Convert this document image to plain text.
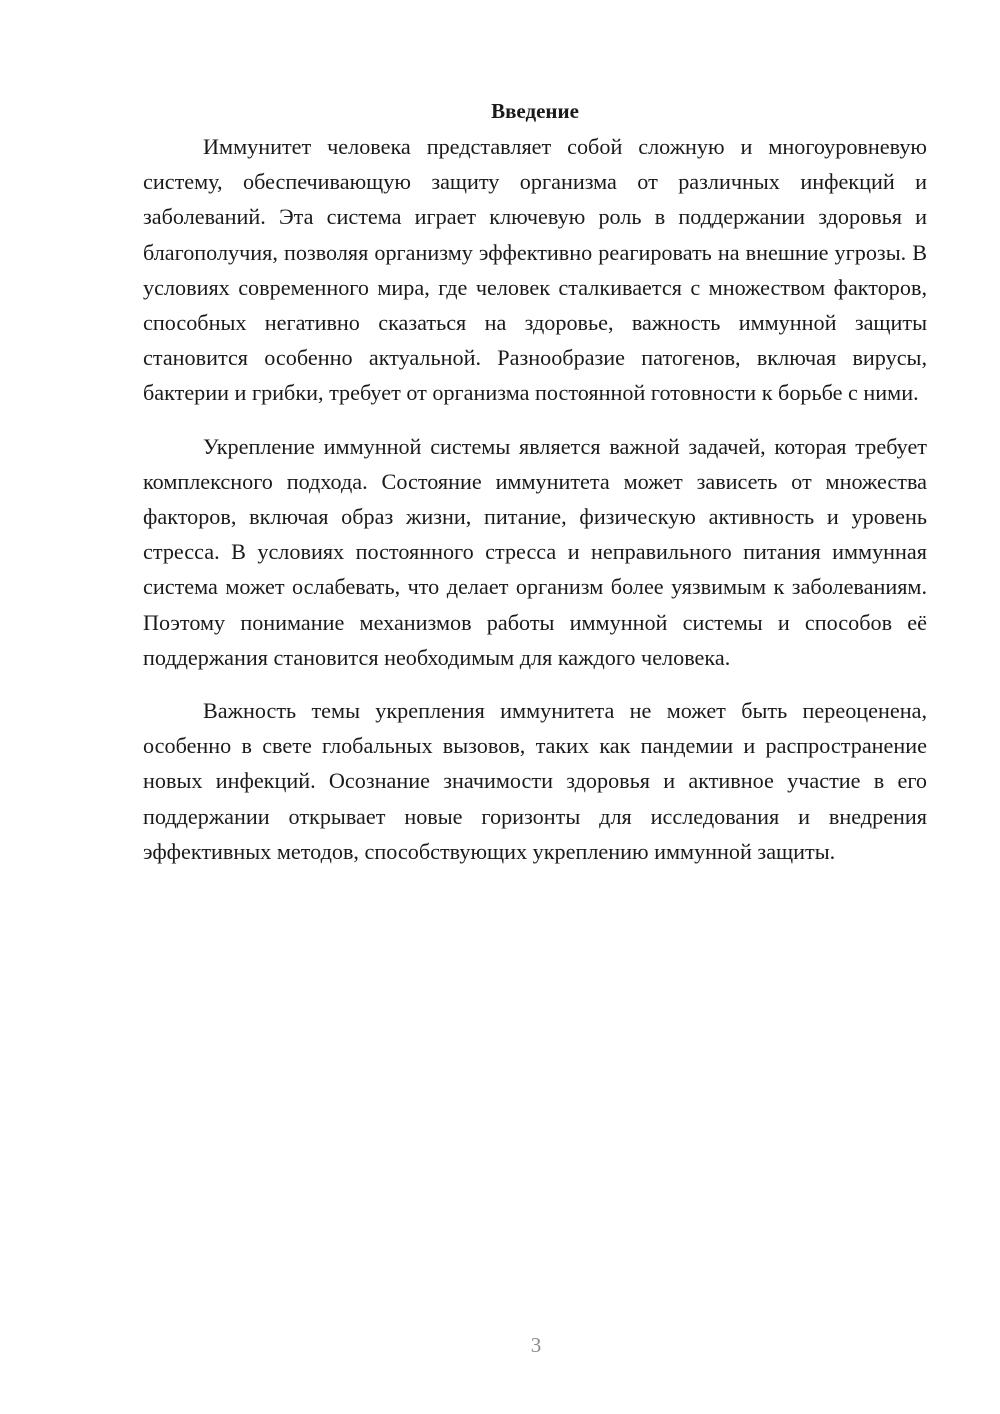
Введение

Иммунитет человека представляет собой сложную и многоуровневую систему, обеспечивающую защиту организма от различных инфекций и заболеваний. Эта система играет ключевую роль в поддержании здоровья и благополучия, позволяя организму эффективно реагировать на внешние угрозы. В условиях современного мира, где человек сталкивается с множеством факторов, способных негативно сказаться на здоровье, важность иммунной защиты становится особенно актуальной. Разнообразие патогенов, включая вирусы, бактерии и грибки, требует от организма постоянной готовности к борьбе с ними.

Укрепление иммунной системы является важной задачей, которая требует комплексного подхода. Состояние иммунитета может зависеть от множества факторов, включая образ жизни, питание, физическую активность и уровень стресса. В условиях постоянного стресса и неправильного питания иммунная система может ослабевать, что делает организм более уязвимым к заболеваниям. Поэтому понимание механизмов работы иммунной системы и способов её поддержания становится необходимым для каждого человека.

Важность темы укрепления иммунитета не может быть переоценена, особенно в свете глобальных вызовов, таких как пандемии и распространение новых инфекций. Осознание значимости здоровья и активное участие в его поддержании открывает новые горизонты для исследования и внедрения эффективных методов, способствующих укреплению иммунной защиты.

3
